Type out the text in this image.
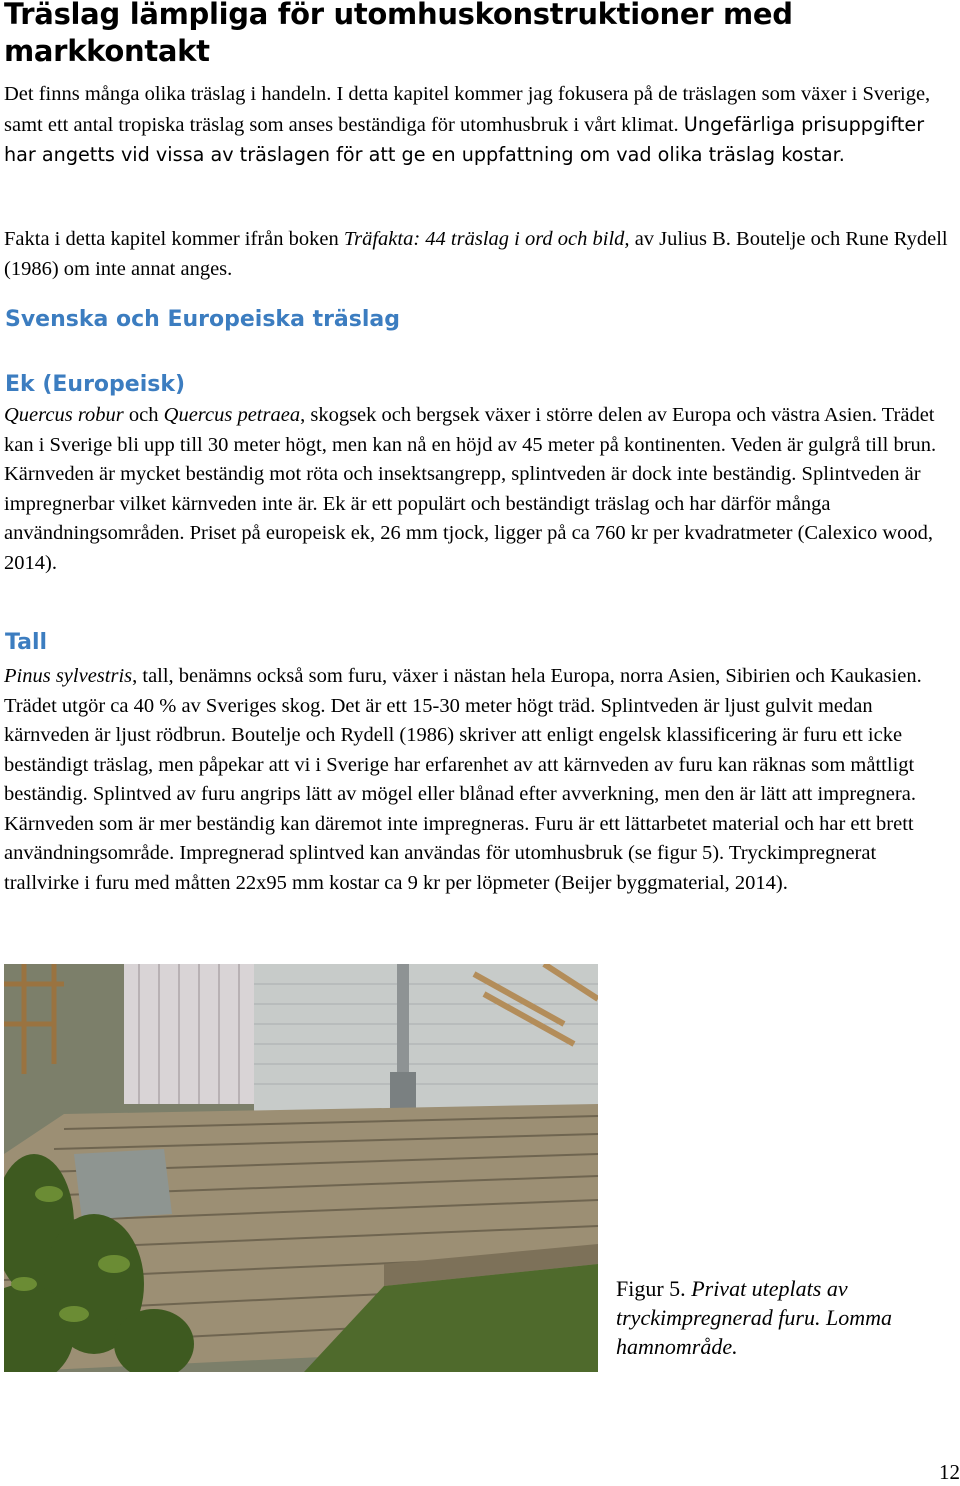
Träslag lämpliga för utomhuskonstruktioner med markkontakt

Det finns många olika träslag i handeln. I detta kapitel kommer jag fokusera på de träslagen som växer i Sverige, samt ett antal tropiska träslag som anses beständiga för utomhusbruk i vårt klimat. Ungefärliga prisuppgifter har angetts vid vissa av träslagen för att ge en uppfattning om vad olika träslag kostar.

Fakta i detta kapitel kommer ifrån boken Träfakta: 44 träslag i ord och bild, av Julius B. Boutelje och Rune Rydell (1986) om inte annat anges.

Svenska och Europeiska träslag
Ek (Europeisk)

Quercus robur och Quercus petraea, skogsek och bergsek växer i större delen av Europa och västra Asien. Trädet kan i Sverige bli upp till 30 meter högt, men kan nå en höjd av 45 meter på kontinenten. Veden är gulgrå till brun. Kärnveden är mycket beständig mot röta och insektsangrepp, splintveden är dock inte beständig. Splintveden är impregnerbar vilket kärnveden inte är. Ek är ett populärt och beständigt träslag och har därför många användningsområden. Priset på europeisk ek, 26 mm tjock, ligger på ca 760 kr per kvadratmeter (Calexico wood, 2014).

Tall

Pinus sylvestris, tall, benämns också som furu, växer i nästan hela Europa, norra Asien, Sibirien och Kaukasien. Trädet utgör ca 40 % av Sveriges skog. Det är ett 15-30 meter högt träd. Splintveden är ljust gulvit medan kärnveden är ljust rödbrun. Boutelje och Rydell (1986) skriver att enligt engelsk klassificering är furu ett icke beständigt träslag, men påpekar att vi i Sverige har erfarenhet av att kärnveden av furu kan räknas som måttligt beständig. Splintved av furu angrips lätt av mögel eller blånad efter avverkning, men den är lätt att impregnera. Kärnveden som är mer beständig kan däremot inte impregneras. Furu är ett lättarbetet material och har ett brett användningsområde. Impregnerad splintved kan användas för utomhusbruk (se figur 5). Tryckimpregnerat trallvirke i furu med måtten 22x95 mm kostar ca 9 kr per löpmeter (Beijer byggmaterial, 2014).

Figur 5. Privat uteplats av tryckimpregnerad furu. Lomma hamnområde.

12
